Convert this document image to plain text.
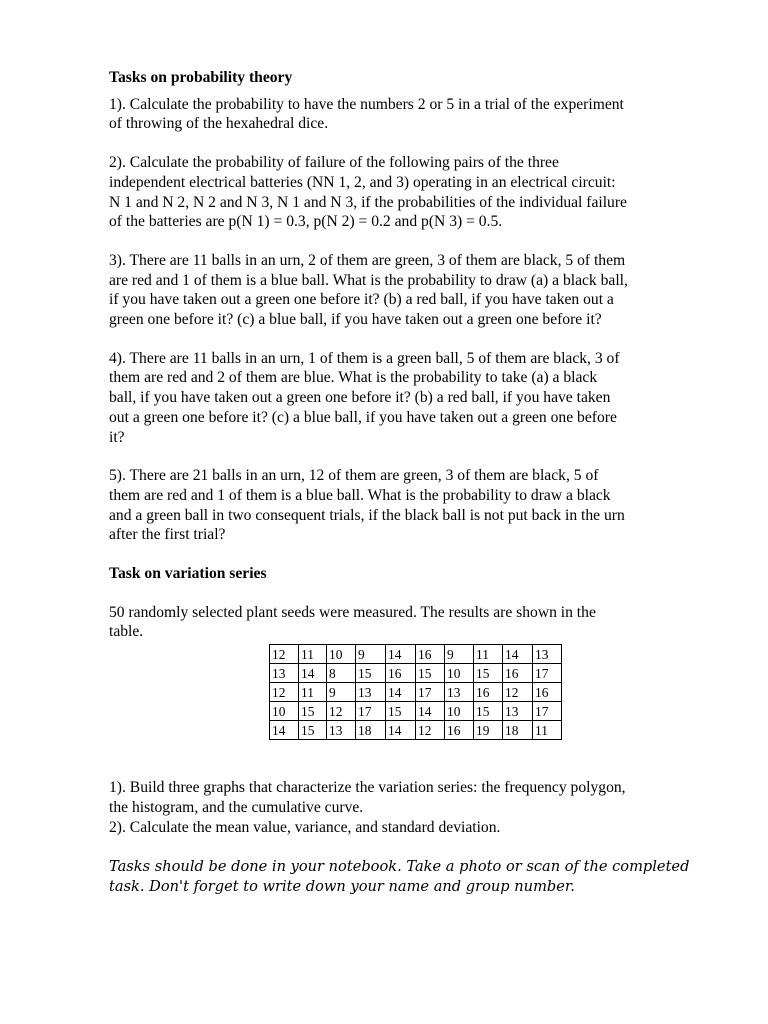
Tasks on probability theory
1). Calculate the probability to have the numbers 2 or 5 in a trial of the experiment
of throwing of the hexahedral dice.
2). Calculate the probability of failure of the following pairs of the three
independent electrical batteries (NN 1, 2, and 3) operating in an electrical circuit:
N 1 and N 2, N 2 and N 3, N 1 and N 3, if the probabilities of the individual failure
of the batteries are p(N 1) = 0.3, p(N 2) = 0.2 and p(N 3) = 0.5.
3). There are 11 balls in an urn, 2 of them are green, 3 of them are black, 5 of them
are red and 1 of them is a blue ball. What is the probability to draw (a) a black ball,
if you have taken out a green one before it? (b) a red ball, if you have taken out a
green one before it? (c) a blue ball, if you have taken out a green one before it?
4). There are 11 balls in an urn, 1 of them is a green ball, 5 of them are black, 3 of
them are red and 2 of them are blue. What is the probability to take (a) a black
ball, if you have taken out a green one before it? (b) a red ball, if you have taken
out a green one before it? (c) a blue ball, if you have taken out a green one before
it?
5). There are 21 balls in an urn, 12 of them are green, 3 of them are black, 5 of
them are red and 1 of them is a blue ball. What is the probability to draw a black
and a green ball in two consequent trials, if the black ball is not put back in the urn
after the first trial?
Task on variation series
50 randomly selected plant seeds were measured. The results are shown in the
table.
12	11	10	9	14	16	9	11	14	13
13	14	8	15	16	15	10	15	16	17
12	11	9	13	14	17	13	16	12	16
10	15	12	17	15	14	10	15	13	17
14	15	13	18	14	12	16	19	18	11
1). Build three graphs that characterize the variation series: the frequency polygon,
the histogram, and the cumulative curve.
2). Calculate the mean value, variance, and standard deviation.
Tasks should be done in your notebook. Take a photo or scan of the completed
task. Don't forget to write down your name and group number.
